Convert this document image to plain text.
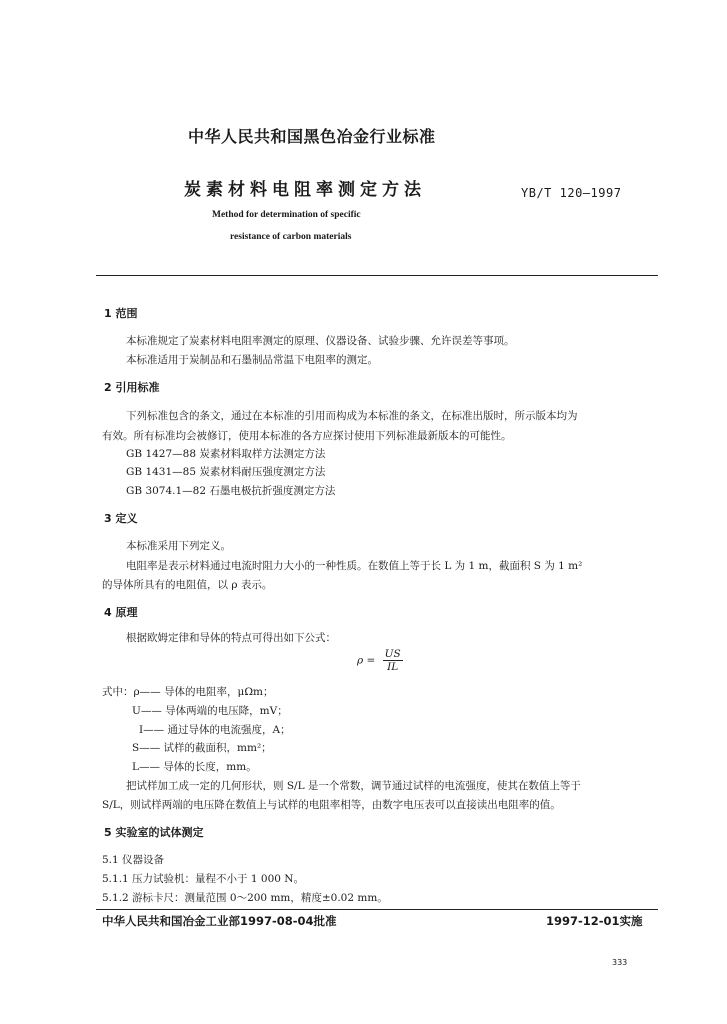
中华人民共和国黑色冶金行业标准
炭素材料电阻率测定方法	YB/T 120—1997
Method for determination of specific
resistance of carbon materials
1 范围
本标准规定了炭素材料电阻率测定的原理、仪器设备、试验步骤、允许误差等事项。
本标准适用于炭制品和石墨制品常温下电阻率的测定。
2 引用标准
下列标准包含的条文，通过在本标准的引用而构成为本标准的条文，在标准出版时，所示版本均为
有效。所有标准均会被修订，使用本标准的各方应探讨使用下列标准最新版本的可能性。
GB 1427—88 炭素材料取样方法测定方法
GB 1431—85 炭素材料耐压强度测定方法
GB 3074.1—82 石墨电极抗折强度测定方法
3 定义
本标准采用下列定义。
电阻率是表示材料通过电流时阻力大小的一种性质。在数值上等于长 L 为 1 m，截面积 S 为 1 m²
的导体所具有的电阻值，以 ρ 表示。
4 原理
根据欧姆定律和导体的特点可得出如下公式：
$\rho = \frac{US}{IL}$
式中：ρ—— 导体的电阻率，μΩm；
U—— 导体两端的电压降，mV；
I—— 通过导体的电流强度，A；
S—— 试样的截面积，mm²；
L—— 导体的长度，mm。
把试样加工成一定的几何形状，则 S/L 是一个常数，调节通过试样的电流强度，使其在数值上等于
S/L，则试样两端的电压降在数值上与试样的电阻率相等，由数字电压表可以直接读出电阻率的值。
5 实验室的试体测定
5.1 仪器设备
5.1.1 压力试验机：量程不小于 1 000 N。
5.1.2 游标卡尺：测量范围 0～200 mm，精度±0.02 mm。
中华人民共和国冶金工业部1997-08-04批准	1997-12-01实施
333
